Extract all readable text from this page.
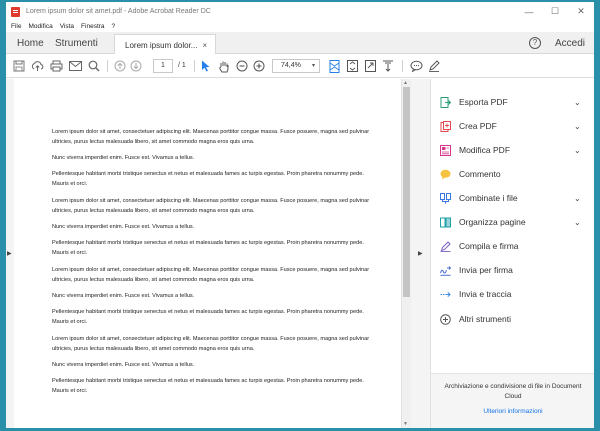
Lorem ipsum dolor sit amet.pdf - Adobe Acrobat Reader DC	—	☐	✕
File Modifica Vista Finestra ?
Home Strumenti	Lorem ipsum dolor... ×	?	Accedi
1	/ 1	74,4% ▾
▶

Lorem ipsum dolor sit amet, consectetuer adipiscing elit. Maecenas porttitor congue massa. Fusce posuere, magna sed pulvinar ultricies, purus lectus malesuada libero, sit amet commodo magna eros quis urna.

Nunc viverra imperdiet enim. Fusce est. Vivamus a tellus.

Pellentesque habitant morbi tristique senectus et netus et malesuada fames ac turpis egestas. Proin pharetra nonummy pede. Mauris et orci.

Lorem ipsum dolor sit amet, consectetuer adipiscing elit. Maecenas porttitor congue massa. Fusce posuere, magna sed pulvinar ultricies, purus lectus malesuada libero, sit amet commodo magna eros quis urna.

Nunc viverra imperdiet enim. Fusce est. Vivamus a tellus.

Pellentesque habitant morbi tristique senectus et netus et malesuada fames ac turpis egestas. Proin pharetra nonummy pede. Mauris et orci.

Lorem ipsum dolor sit amet, consectetuer adipiscing elit. Maecenas porttitor congue massa. Fusce posuere, magna sed pulvinar ultricies, purus lectus malesuada libero, sit amet commodo magna eros quis urna.

Nunc viverra imperdiet enim. Fusce est. Vivamus a tellus.

Pellentesque habitant morbi tristique senectus et netus et malesuada fames ac turpis egestas. Proin pharetra nonummy pede. Mauris et orci.

Lorem ipsum dolor sit amet, consectetuer adipiscing elit. Maecenas porttitor congue massa. Fusce posuere, magna sed pulvinar ultricies, purus lectus malesuada libero, sit amet commodo magna eros quis urna.

Nunc viverra imperdiet enim. Fusce est. Vivamus a tellus.

Pellentesque habitant morbi tristique senectus et netus et malesuada fames ac turpis egestas. Proin pharetra nonummy pede. Mauris et orci.

▲
▼
▶
Esporta PDF	⌄
Crea PDF	⌄
Modifica PDF	⌄
Commento
Combinate i file	⌄
Organizza pagine	⌄
Compila e firma
Invia per firma
Invia e traccia
Altri strumenti

Archiviazione e condivisione di file in Document Cloud

Ulteriori informazioni
